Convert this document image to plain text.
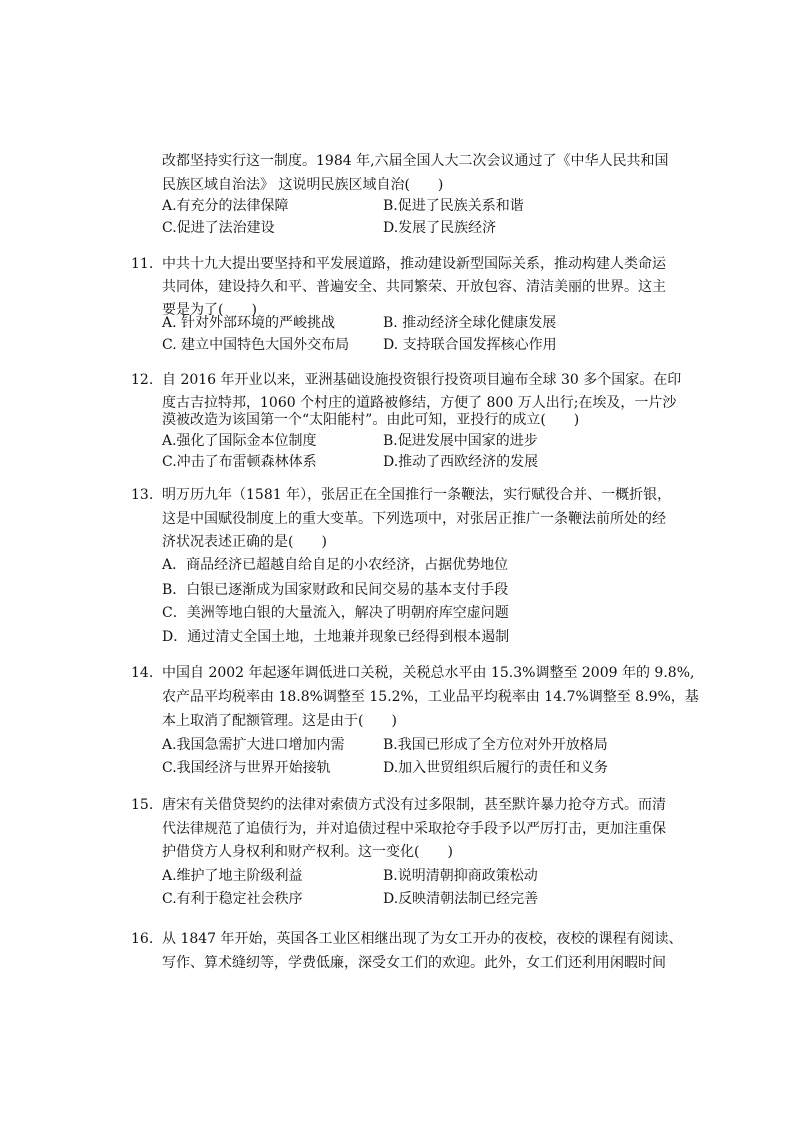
改都坚持实行这一制度。1984 年,六届全国人大二次会议通过了《中华人民共和国
民族区域自治法》 这说明民族区域自治(　　)
A.有充分的法律保障	B.促进了民族关系和谐
C.促进了法治建设	D.发展了民族经济
11. 中共十九大提出要坚持和平发展道路，推动建设新型国际关系，推动构建人类命运
共同体，建设持久和平、普遍安全、共同繁荣、开放包容、清洁美丽的世界。这主
要是为了(　　)
A. 针对外部环境的严峻挑战	B. 推动经济全球化健康发展
C. 建立中国特色大国外交布局 D. 支持联合国发挥核心作用
12. 自 2016 年开业以来，亚洲基础设施投资银行投资项目遍布全球 30 多个国家。在印
度古吉拉特邦，1060 个村庄的道路被修结，方便了 800 万人出行;在埃及，一片沙
漠被改造为该国第一个“太阳能村”。由此可知，亚投行的成立(　　)
A.强化了国际金本位制度	B.促进发展中国家的进步
C.冲击了布雷顿森林体系	D.推动了西欧经济的发展
13. 明万历九年（1581 年），张居正在全国推行一条鞭法，实行赋役合并、一概折银，
这是中国赋役制度上的重大变革。下列选项中，对张居正推广一条鞭法前所处的经
济状况表述正确的是(　　)
A．商品经济已超越自给自足的小农经济，占据优势地位
B．白银已逐渐成为国家财政和民间交易的基本支付手段
C．美洲等地白银的大量流入，解决了明朝府库空虚问题
D．通过清丈全国土地，土地兼并现象已经得到根本遏制
14. 中国自 2002 年起逐年调低进口关税，关税总水平由 15.3%调整至 2009 年的 9.8%,
农产品平均税率由 18.8%调整至 15.2%，工业品平均税率由 14.7%调整至 8.9%，基
本上取消了配额管理。这是由于(　　)
A.我国急需扩大进口增加内需	B.我国已形成了全方位对外开放格局
C.我国经济与世界开始接轨	D.加入世贸组织后履行的责任和义务
15. 唐宋有关借贷契约的法律对索债方式没有过多限制，甚至默许暴力抢夺方式。而清
代法律规范了追债行为，并对追债过程中采取抢夺手段予以严厉打击，更加注重保
护借贷方人身权利和财产权利。这一变化(　　)
A.维护了地主阶级利益	B.说明清朝抑商政策松动
C.有利于稳定社会秩序	D.反映清朝法制已经完善
16. 从 1847 年开始，英国各工业区相继出现了为女工开办的夜校，夜校的课程有阅读、
写作、算术缝纫等，学费低廉，深受女工们的欢迎。此外，女工们还利用闲暇时间
